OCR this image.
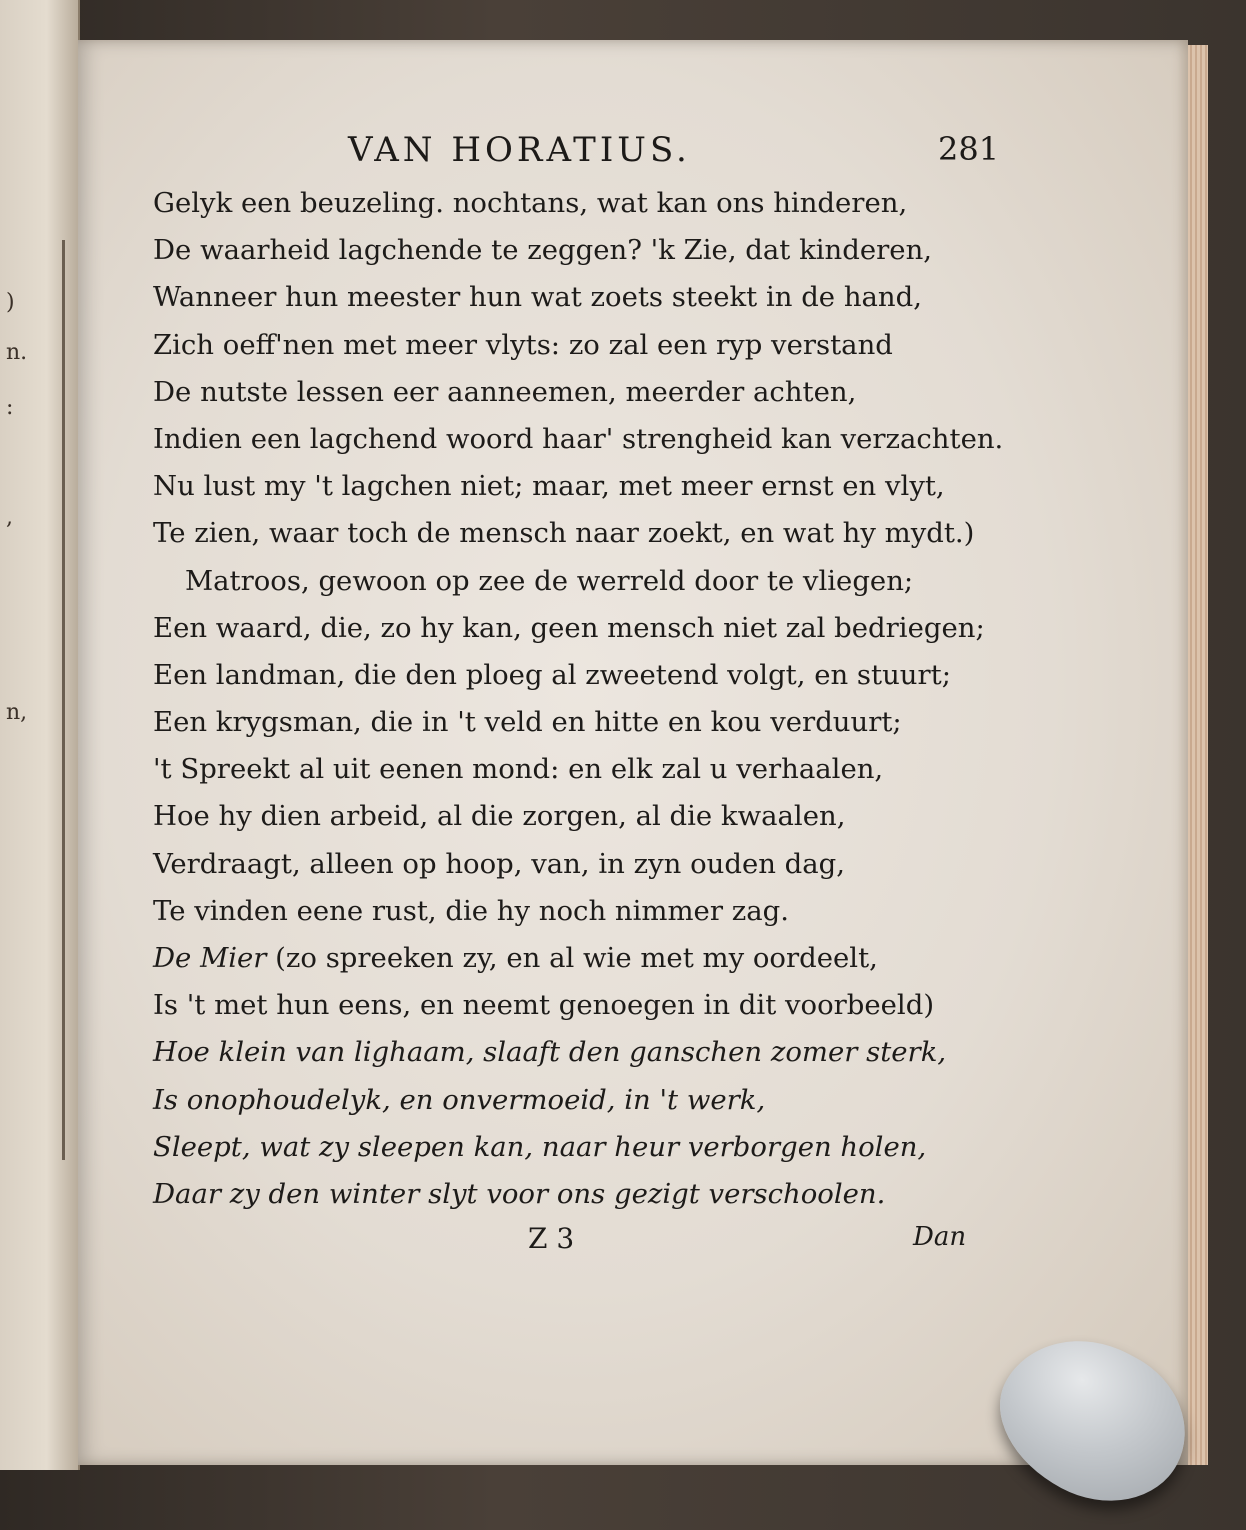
)
n.
:
,
n,
VAN HORATIUS.	281
Gelyk een beuzeling. nochtans, wat kan ons hinderen,
De waarheid lagchende te zeggen? 'k Zie, dat kinderen,
Wanneer hun meester hun wat zoets steekt in de hand,
Zich oeff'nen met meer vlyts: zo zal een ryp verstand
De nutste lessen eer aanneemen, meerder achten,
Indien een lagchend woord haar' strengheid kan verzachten.
Nu lust my 't lagchen niet; maar, met meer ernst en vlyt,
Te zien, waar toch de mensch naar zoekt, en wat hy mydt.)
Matroos, gewoon op zee de werreld door te vliegen;
Een waard, die, zo hy kan, geen mensch niet zal bedriegen;
Een landman, die den ploeg al zweetend volgt, en stuurt;
Een krygsman, die in 't veld en hitte en kou verduurt;
't Spreekt al uit eenen mond: en elk zal u verhaalen,
Hoe hy dien arbeid, al die zorgen, al die kwaalen,
Verdraagt, alleen op hoop, van, in zyn ouden dag,
Te vinden eene rust, die hy noch nimmer zag.
De Mier (zo spreeken zy, en al wie met my oordeelt,
Is 't met hun eens, en neemt genoegen in dit voorbeeld)
Hoe klein van lighaam, slaaft den ganschen zomer sterk,
Is onophoudelyk, en onvermoeid, in 't werk,
Sleept, wat zy sleepen kan, naar heur verborgen holen,
Daar zy den winter slyt voor ons gezigt verschoolen.
Z 3	Dan
